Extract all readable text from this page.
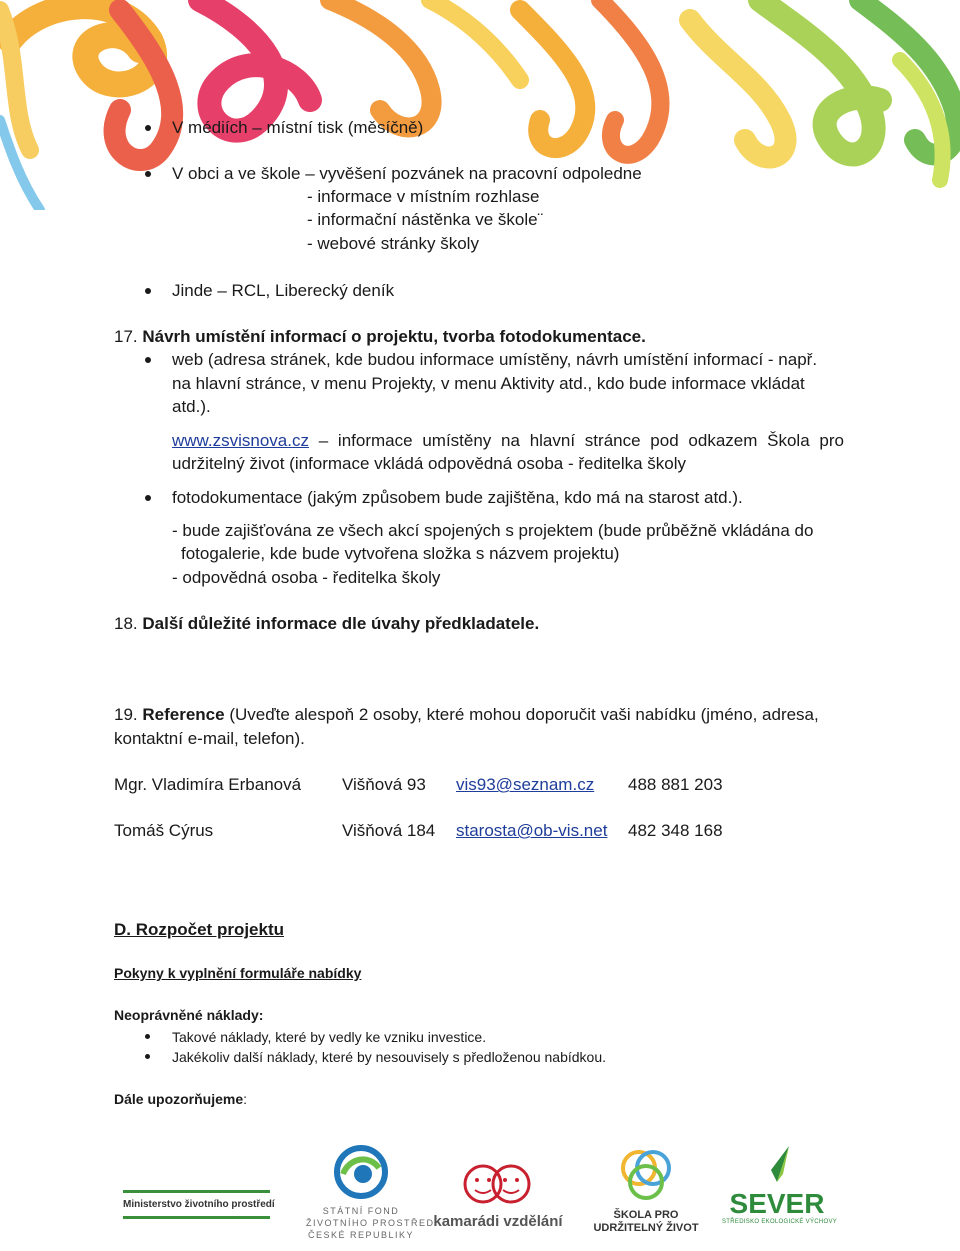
V médiích – místní tisk (měsíčně)
V obci a ve škole – vyvěšení pozvánek na pracovní odpoledne
- informace v místním rozhlase
- informační nástěnka ve škole¨
- webové stránky školy
Jinde – RCL, Liberecký deník
17. Návrh umístění informací o projektu, tvorba fotodokumentace.
web (adresa stránek, kde budou informace umístěny, návrh umístění informací - např.
na hlavní stránce, v menu Projekty, v menu Aktivity atd., kdo bude informace vkládat
atd.).
www.zsvisnova.cz – informace umístěny na hlavní stránce pod odkazem Škola pro
udržitelný život (informace vkládá odpovědná osoba - ředitelka školy
fotodokumentace (jakým způsobem bude zajištěna, kdo má na starost atd.).
- bude zajišťována ze všech akcí spojených s projektem (bude průběžně vkládána do
fotogalerie, kde bude vytvořena složka s názvem projektu)
- odpovědná osoba - ředitelka školy
18. Další důležité informace dle úvahy předkladatele.
19. Reference (Uveďte alespoň 2 osoby, které mohou doporučit vaši nabídku (jméno, adresa,
kontaktní e-mail, telefon).
Mgr. Vladimíra Erbanová Višňová 93 vis93@seznam.cz 488 881 203
Tomáš Cýrus	Višňová 184 starosta@ob-vis.net 482 348 168
D. Rozpočet projektu
Pokyny k vyplnění formuláře nabídky
Neoprávněné náklady:
Takové náklady, které by vedly ke vzniku investice.
Jakékoliv další náklady, které by nesouvisely s předloženou nabídkou.
Dále upozorňujeme:
Ministerstvo životního prostředí
STÁTNÍ FOND
ŽIVOTNÍHO PROSTŘEDÍ
ČESKÉ REPUBLIKY
kamarádi vzdělání	ŠKOLA PRO
UDRŽITELNÝ ŽIVOT
SEVER
STŘEDISKO EKOLOGICKÉ VÝCHOVY
